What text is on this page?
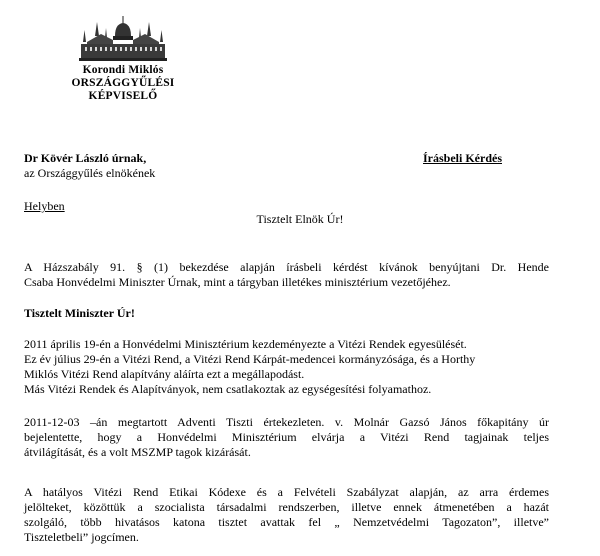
Korondi Miklós
ORSZÁGGYŰLÉSI
KÉPVISELŐ
Dr Kövér László úrnak,
az Országgyűlés elnökének
Írásbeli Kérdés
Helyben
Tisztelt Elnök Úr!
A Házszabály 91. § (1) bekezdése alapján írásbeli kérdést kívánok benyújtani Dr. Hende
Csaba Honvédelmi Miniszter Úrnak, mint a tárgyban illetékes minisztérium vezetőjéhez.
Tisztelt Miniszter Úr!
2011 április 19-én a Honvédelmi Minisztérium kezdeményezte a Vitézi Rendek egyesülését.
Ez év július 29-én a Vitézi Rend, a Vitézi Rend Kárpát-medencei kormányzósága, és a Horthy
Miklós Vitézi Rend alapítvány aláírta ezt a megállapodást.
Más Vitézi Rendek és Alapítványok, nem csatlakoztak az egységesítési folyamathoz.
2011-12-03 –án megtartott Adventi Tiszti értekezleten. v. Molnár Gazsó János főkapitány úr
bejelentette, hogy a Honvédelmi Minisztérium elvárja a Vitézi Rend tagjainak teljes
átvilágítását, és a volt MSZMP tagok kizárását.
A hatályos Vitézi Rend Etikai Kódexe és a Felvételi Szabályzat alapján, az arra érdemes
jelölteket, közöttük a szocialista társadalmi rendszerben, illetve ennek átmenetében a hazát
szolgáló, több hivatásos katona tisztet avattak fel „ Nemzetvédelmi Tagozaton”, illetve”
Tiszteletbeli” jogcímen.
